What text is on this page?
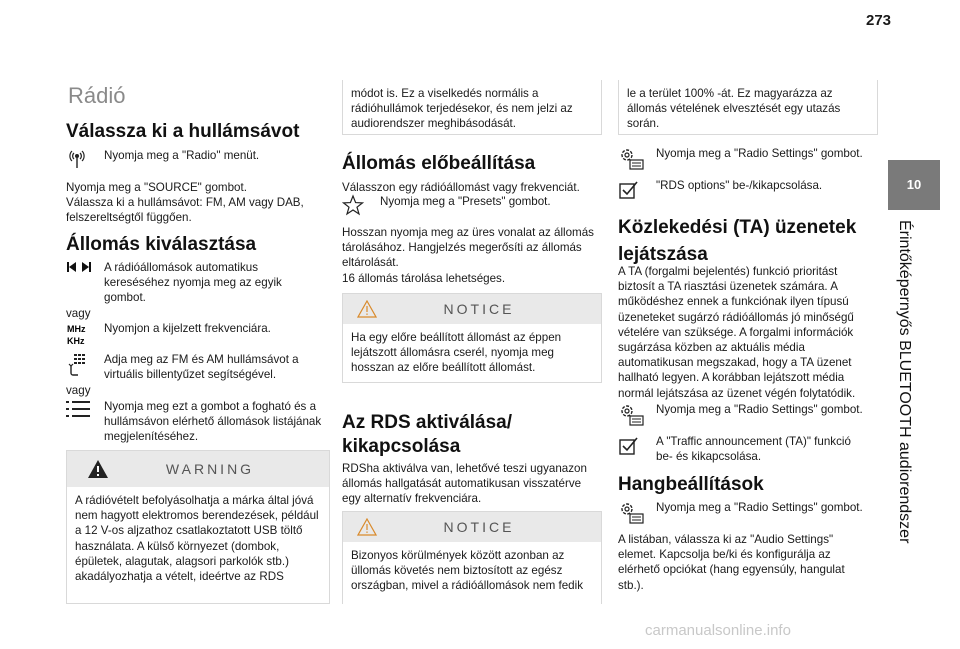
273
10
Érintőképernyős BLUETOOTH audiorendszer
Rádió
Válassza ki a hullámsávot
Nyomja meg a "Radio" menüt.

Nyomja meg a "SOURCE" gombot.

Válassza ki a hullámsávot: FM, AM vagy DAB, felszereltségtől függően.

Állomás kiválasztása
A rádióállomások automatikus kereséséhez nyomja meg az egyik gombot.

vagy

MHz
KHz
Nyomjon a kijelzett frekvenciára.
Adja meg az FM és AM hullámsávot a virtuális billentyűzet segítségével.

vagy

Nyomja meg ezt a gombot a fogható és a hullámsávon elérhető állomások listájának megjelenítéséhez.
WARNING
A rádióvételt befolyásolhatja a márka által jóvá nem hagyott elektromos berendezések, például a 12 V-os aljzathoz csatlakoztatott USB töltő használata. A külső környezet (dombok, épületek, alagutak, alagsori parkolók stb.) akadályozhatja a vételt, ideértve az RDS
módot is. Ez a viselkedés normális a rádióhullámok terjedésekor, és nem jelzi az audiorendszer meghibásodását.
Állomás előbeállítása

Válasszon egy rádióállomást vagy frekvenciát.

Nyomja meg a "Presets" gombot.

Hosszan nyomja meg az üres vonalat az állomás tárolásához. Hangjelzés megerősíti az állomás eltárolását.

16 állomás tárolása lehetséges.

NOTICE
Ha egy előre beállított állomást az éppen lejátszott állomásra cserél, nyomja meg hosszan az előre beállított állomást.
Az RDS aktiválása/ kikapcsolása

RDSha aktiválva van, lehetővé teszi ugyanazon állomás hallgatását automatikusan visszatérve egy alternatív frekvenciára.

NOTICE
Bizonyos körülmények között azonban az üllomás követés nem biztosított az egész országban, mivel a rádióállomások nem fedik
le a terület 100% -át. Ez magyarázza az állomás vételének elvesztését egy utazás során.
Nyomja meg a "Radio Settings" gombot.
"RDS options" be-/kikapcsolása.
Közlekedési (TA) üzenetek lejátszása

A TA (forgalmi bejelentés) funkció prioritást biztosít a TA riasztási üzenetek számára. A működéshez ennek a funkciónak ilyen típusú üzeneteket sugárzó rádióállomás jó minőségű vételére van szüksége. A forgalmi információk sugárzása közben az aktuális média automatikusan megszakad, hogy a TA üzenet hallható legyen. A korábban lejátszott média normál lejátszása az üzenet végén folytatódik.

Nyomja meg a "Radio Settings" gombot.
A "Traffic announcement (TA)" funkció be- és kikapcsolása.
Hangbeállítások
Nyomja meg a "Radio Settings" gombot.

A listában, válassza ki az "Audio Settings" elemet. Kapcsolja be/ki és konfigurálja az elérhető opciókat (hang egyensúly, hangulat stb.).

carmanualsonline.info
